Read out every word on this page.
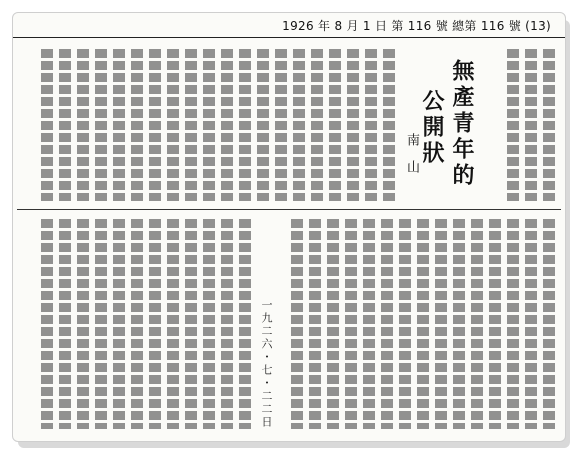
1926 年 8 月 1 日 第 116 號 總第 116 號 (13)
無產青年的
公開狀
南山
一九二六・七・二二日
